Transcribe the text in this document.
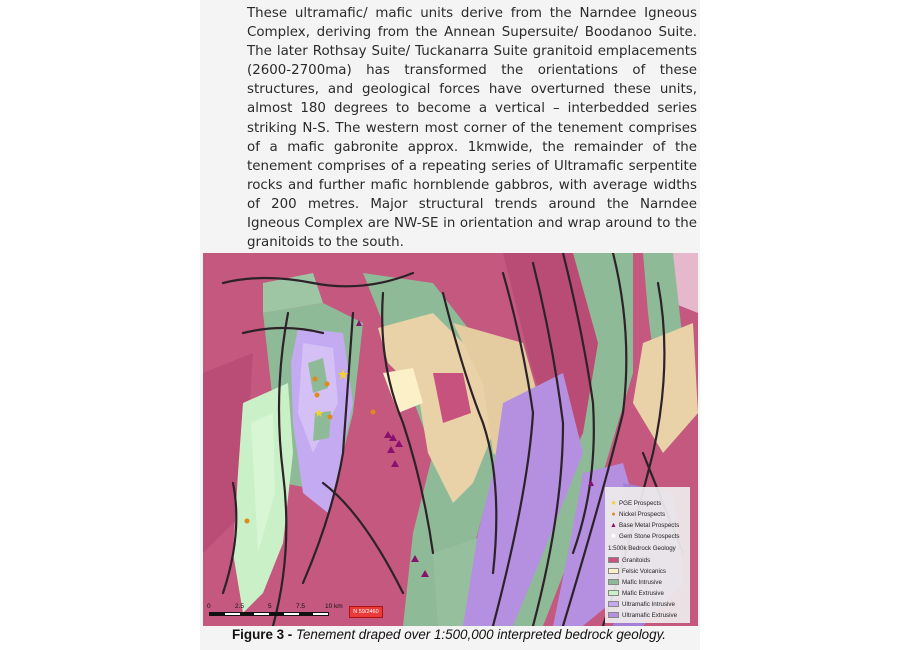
These ultramafic/ mafic units derive from the Narndee Igneous Complex, deriving from the Annean Supersuite/ Boodanoo Suite. The later Rothsay Suite/ Tuckanarra Suite granitoid emplacements (2600-2700ma) has transformed the orientations of these structures, and geological forces have overturned these units, almost 180 degrees to become a vertical – interbedded series striking N-S. The western most corner of the tenement comprises of a mafic gabronite approx. 1kmwide, the remainder of the tenement comprises of a repeating series of Ultramafic serpentite rocks and further mafic hornblende gabbros, with average widths of 200 metres. Major structural trends around the Narndee Igneous Complex are NW-SE in orientation and wrap around to the granitoids to the south.

★ PGE Prospects
● Nickel Prospects
▲ Base Metal Prospects
■ Gem Stone Prospects
1:500k Bedrock Geology
Granitoids
Felsic Volcanics
Mafic Intrusive
Mafic Extrusive
Ultramafic Intrusive
Ultramafic Extrusive
0	2.5	5	7.5	10 km
N 59/2460
Figure 3 - Tenement draped over 1:500,000 interpreted bedrock geology.
